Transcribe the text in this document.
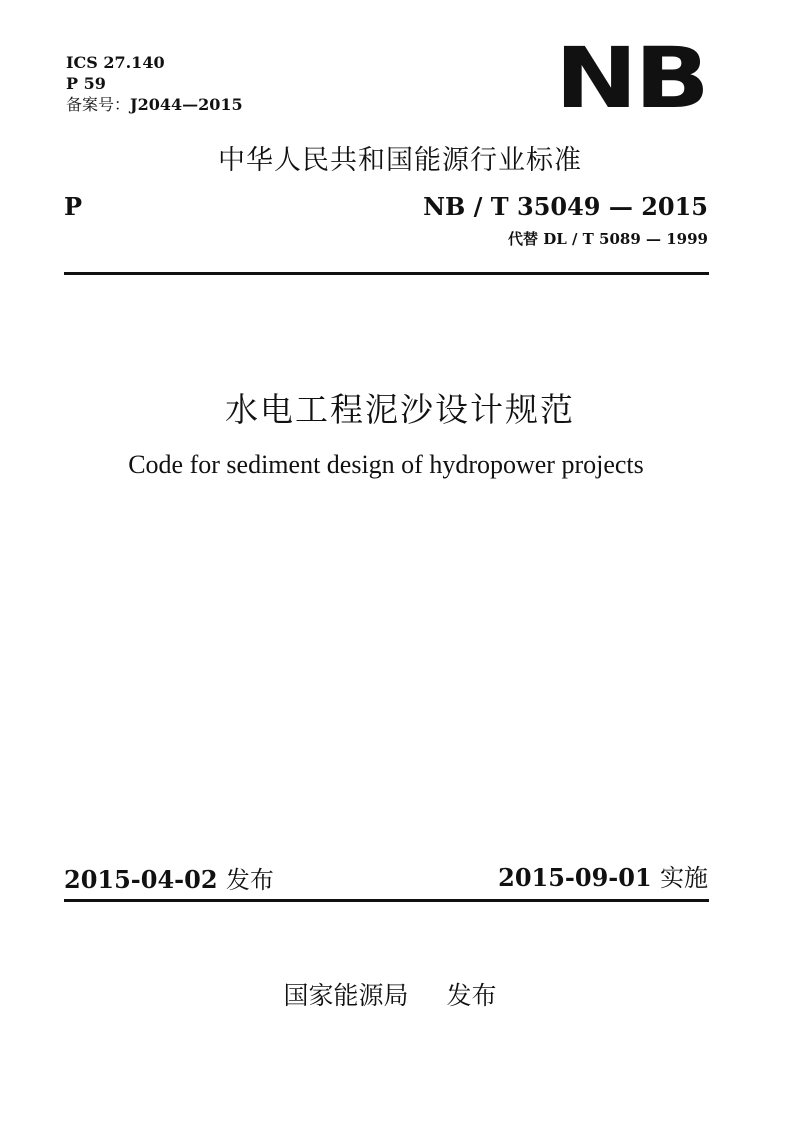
ICS 27.140
P 59
备案号：J2044—2015	NB
中华人民共和国能源行业标准
P	NB / T 35049 — 2015
代替 DL / T 5089 — 1999
水电工程泥沙设计规范
Code for sediment design of hydropower projects
2015-04-02 发布	2015-09-01 实施
国家能源局 发布
